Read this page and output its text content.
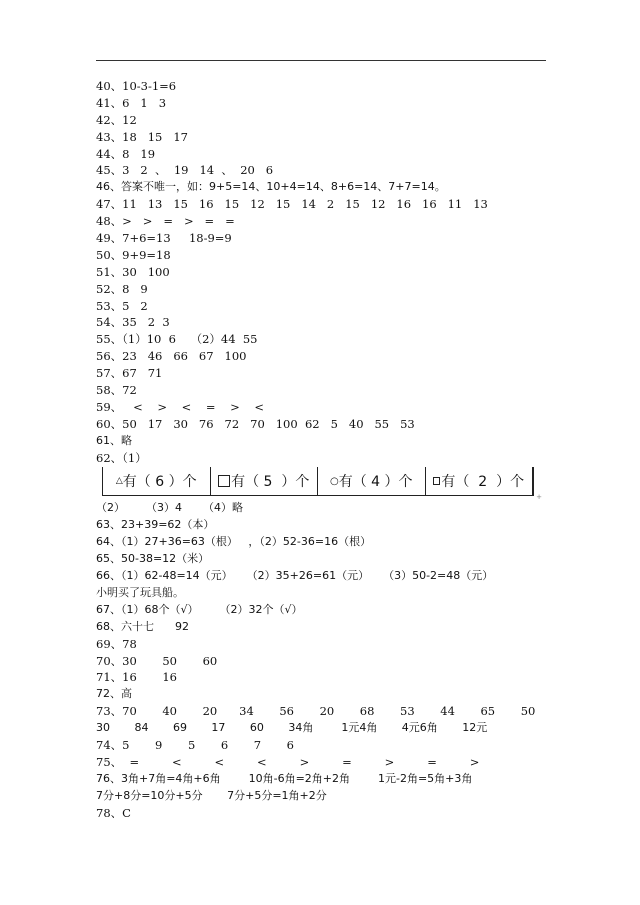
40、10-3-1=6
41、6   1   3
42、12
43、18   15   17
44、8   19
45、3   2  、  19   14  、  20   6
46、答案不唯一，如：9+5=14、10+4=14、8+6=14、7+7=14。
47、11   13   15   16   15   12   15   14   2   15   12   16   16   11   13
48、>   >   =   >   =   =
49、7+6=13     18-9=9
50、9+9=18
51、30   100
52、8   9
53、5   2
54、35   2  3
55、（1）10  6    （2）44  55
56、23   46   66   67   100
57、67   71
58、72
59、   <    >    <    =    >    <
60、50   17   30   76   72   70   100  62   5   40   55   53
61、略
62、（1）
△ 有（ 6 ）个 有（ 5  ）个 ○ 有（ 4 ）个 有（  2  ）个
+
（2）      （3）4      （4）略
63、23+39=62（本）
64、（1）27+36=63（根）   ，（2）52-36=16（根）
65、50-38=12（米）
66、（1）62-48=14（元）    （2）35+26=61（元）    （3）50-2=48（元）
小明买了玩具船。
67、（1）68个（√）      （2）32个（√）
68、六十七      92
69、78
70、30       50       60
71、16       16
72、高
73、70       40       20      34       56       20       68       53       44       65       50
30       84       69       17       60       34角        1元4角       4元6角       12元
74、5       9       5       6       7       6
75、  =         <         <         <         >         =         >         =         >
76、3角+7角=4角+6角        10角-6角=2角+2角        1元-2角=5角+3角
7分+8分=10分+5分       7分+5分=1角+2分
78、C
